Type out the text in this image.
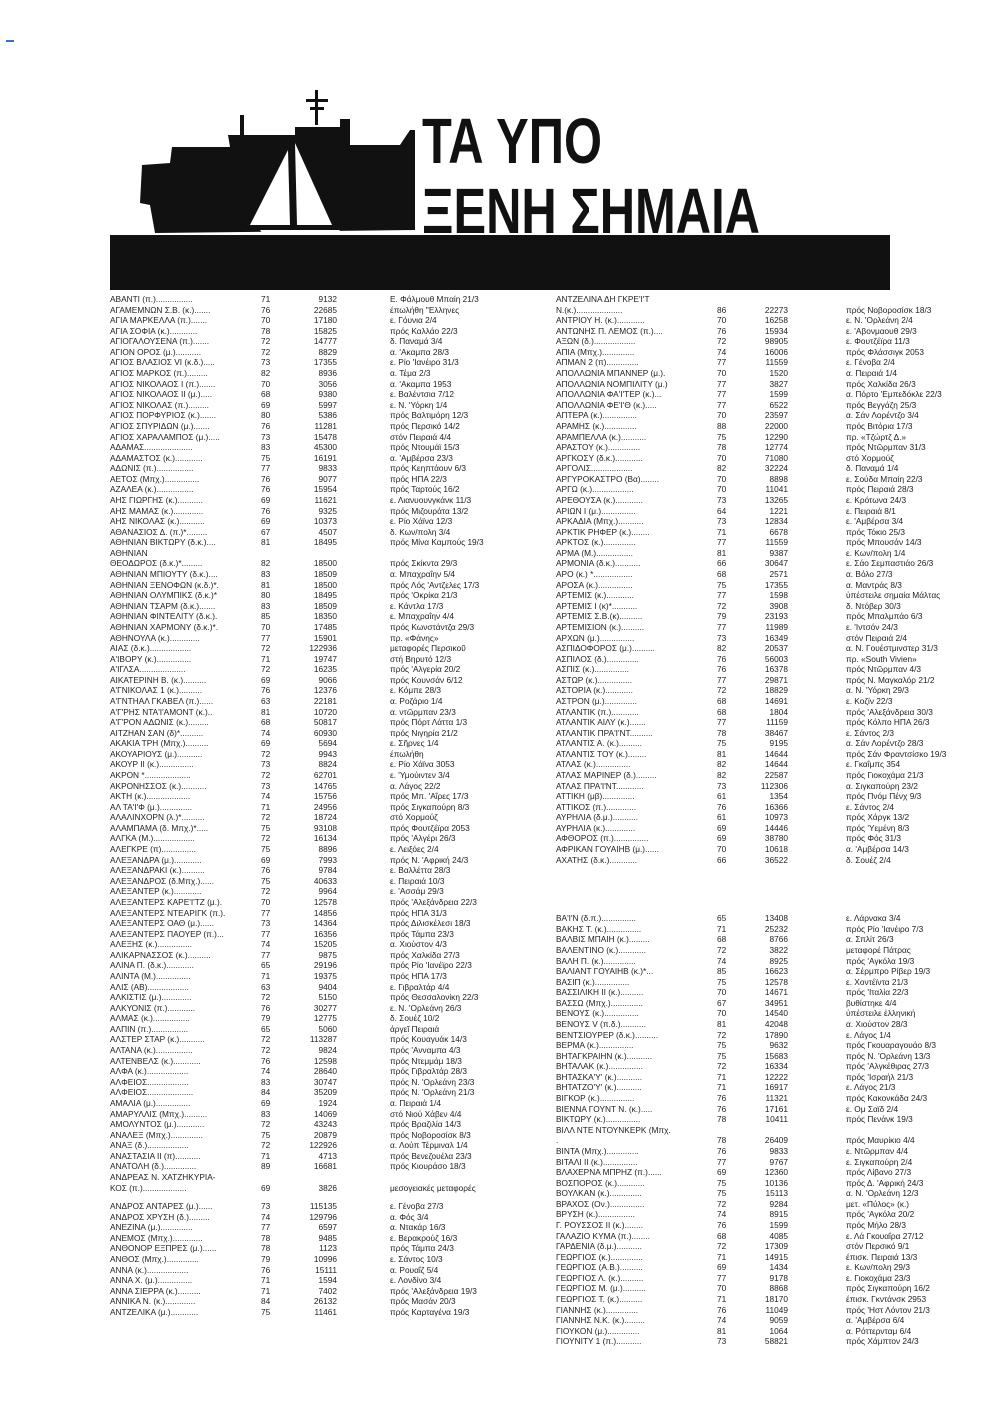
ΤΑ ΥΠΟ
ΞΕΝΗ ΣΗΜΑΙΑ
ΑΒΑΝΤΙ (π.)................	71	9132	Ε. Φάλμουθ Μπαίη 21/3
ΑΓΑΜΕΜΝΩΝ Σ.Β. (κ.).......	76	22685	έπωλήθη "Ελληνες
ΑΓΙΑ ΜΑΡΚΕΛΛΑ (π.).......	70	17180	ε. Γόυνια 2/4
ΑΓΙΑ ΣΟΦΙΑ (κ.)............	78	15825	πρός Καλλάο 22/3
ΑΓΙΟΓΑΛΟΥΣΕΝΑ (π.).......	72	14777	δ. Παναμά 3/4
ΑΓΙΟΝ ΟΡΟΣ (μ.)...........	72	8829	α. 'Ακαμπα 28/3
ΑΓΙΟΣ ΒΛΑΣΙΟΣ VI (κ.δ.).....	73	17355	ε. Ρίο 'Ιανέιρο 31/3
ΑΓΙΟΣ ΜΑΡΚΟΣ (π.).........	82	8936	α. Τέμα 2/3
ΑΓΙΟΣ ΝΙΚΟΛΑΟΣ Ι (π.).......	70	3056	α. 'Ακαμπα 1953
ΑΓΙΟΣ ΝΙΚΟΛΑΟΣ ΙΙ (μ.).....	68	9380	ε. Βαλέντσια 7/12
ΑΓΙΟΣ ΝΙΚΟΛΑΣ (π.).........	69	5997	ε. Ν. 'Υόρκη 1/4
ΑΓΙΟΣ ΠΟΡΦΥΡΙΟΣ (κ.).......	80	5386	πρός Βαλτιμόρη 12/3
ΑΓΙΟΣ ΣΠΥΡΙΔΩΝ (μ.).......	76	11281	πρός Περσικό 14/2
ΑΓΙΟΣ ΧΑΡΑΛΑΜΠΟΣ (μ.).....	73	15478	στόν Πειραιά 4/4
ΑΔΑΜΑΣ.....................	83	45300	πρός Ντουμάϊ 15/3
ΑΔΑΜΑΣΤΟΣ (κ.)............	75	16191	α. 'Αμβέρσα 23/3
ΑΔΩΝΙΣ (π.)................	77	9833	πρός Κεηπτάουν 6/3
ΑΕΤΟΣ (Μπχ.)...............	76	9077	πρός ΗΠΑ 22/3
ΑΖΑΛΕΑ (κ.)................	76	15954	πρός Ταρτούς 16/2
ΑΗΣ ΓΙΩΡΓΗΣ (κ.)...........	69	11621	ε. Λιανυουνγκάνκ 11/3
ΑΗΣ ΜΑΜΑΣ (κ.).............	76	9325	πρός Μιζουράτα 13/2
ΑΗΣ ΝΙΚΟΛΑΣ (κ.)...........	69	10373	ε. Ρίο Χάϊνα 12/3
ΑΘΑΝΑΣΙΟΣ Δ. (π.)*.........	67	4507	δ. Κων/πολη 3/4
ΑΘΗΝΙΑΝ ΒΙΚΤΩΡΥ (δ.κ.)....	81	18495	πρός Μίνα Καμπούς 19/3
ΑΘΗΝΙΑΝ
ΘΕΟΔΩΡΟΣ (δ.κ.)*.........	82	18500	πρός Σκίκντα 29/3
ΑΘΗΝΙΑΝ ΜΠΙΟΥΤΥ (δ.κ.)....	83	18509	α. Μπαχραΐην 5/4
ΑΘΗΝΙΑΝ ΞΕΝΟΦΩΝ (κ.δ.)*.	81	18500	πρός Λός 'Αντζελες 17/3
ΑΘΗΝΙΑΝ ΟΛΥΜΠΙΚΣ (δ.κ.)*	80	18495	πρός 'Οκρίκα 21/3
ΑΘΗΝΙΑΝ ΤΣΑΡΜ (δ.κ.).......	83	18509	ε. Κάντλα 17/3
ΑΘΗΝΙΑΝ ΦΙΝΤΕΛΙΤΥ (δ.κ.).	85	18350	ε. Μπαχραΐην 4/4
ΑΘΗΝΙΑΝ ΧΑΡΜΟΝΥ (δ.κ.)*.	70	17485	πρός Κωνστάντζα 29/3
ΑΘΗΝΟΥΛΑ (κ.).............	77	15901	πρ. «Φάνης»
ΑΙΑΣ (δ.κ.)..................	72	122936	μεταφορές Περσικοῦ
Α'ΙΒΟΡΥ (κ.)...............	71	19747	στή Βηρυτό 12/3
Α'ΙΓΛΣΑ....................	72	16235	πρός 'Αλγερία 20/2
ΑΙΚΑΤΕΡΙΝΗ Β. (κ.)..........	69	9066	πρός Κουνσάν 6/12
Α'ΓΝΙΚΟΛΑΣ 1 (κ.)..........	76	12376	ε. Κόμπε 28/3
Α'ΓΝΤΗΑΛ ΓΚΑΒΕΛ (π.)......	63	22181	α. Ροζάριο 1/4
Α'Γ'ΡΗΣ ΝΤΑ'Ι'ΑΜΟΝΤ (κ.)..	81	10720	α. ντῶρμπαν 23/3
Α'Γ'ΡΟΝ ΑΔΩΝΙΣ (κ.).........	68	50817	πρός Πόρτ Λάττα 1/3
ΑΙΤΖΗΑΝ ΣΑΝ (δ)*..........	74	60930	πρός Νιγηρία 21/2
ΑΚΑΚΙΑ ΤΡΗ (Μπχ.)..........	69	5694	ε. Σῆρνες 1/4
ΑΚΟΥΑΡΙΟΥΣ (μ.)...........	72	9943	έπωλήθη
ΑΚΟΥΡ ΙΙ (κ.)...............	73	8824	ε. Ρίο Χάϊνα 3053
ΑΚΡΟΝ *....................	72	62701	ε. 'Υμούιντεν 3/4
ΑΚΡΟΝΗΣΣΟΣ (κ.)...........	73	14765	α. Λάγος 22/2
ΑΚΤΗ (κ.)...................	74	15756	πρός Μπ. 'Αΐρες 17/3
ΑΛ ΤΑ'Ι'Φ (μ.)..............	71	24956	πρός Σιγκαπούρη 8/3
ΑΛΑΛΙΝΧΟΡΝ (λ.)*..........	72	18724	στό Χορμούζ
ΑΛΑΜΠΑΜΑ (δ. Μπχ.)*.....	75	93108	πρός Φουτζέϊρα 2053
ΑΛΓΚΑ (Μ.)..................	72	16134	πρός 'Αλγέρι 26/3
ΑΛΕΓΚΡΕ (π)...............	75	8896	ε. Λειξόες 2/4
ΑΛΕΞΑΝΔΡΑ (μ.)............	69	7993	πρός Ν. 'Αφρική 24/3
ΑΛΕΞΑΝΔΡΑΚΙ (κ.)..........	76	9784	ε. Βαλλέττα 28/3
ΑΛΕΞΑΝΔΡΟΣ (δ.Μπχ.)......	75	40633	ε. Πειραιά 10/3
ΑΛΕΞΑΝΤΕΡ (κ.)............	72	9964	ε. 'Ασσάμ 29/3
ΑΛΕΞΑΝΤΕΡΣ ΚΑΡΕ'Ι'ΤΖ (μ.).	70	12578	πρός 'Αλεξάνδρεια 22/3
ΑΛΕΞΑΝΤΕΡΣ ΝΤΕΑΡΙΓΚ (π.).	77	14856	πρός ΗΠΑ 31/3
ΑΛΕΞΑΝΤΕΡΣ ΟΑΘ (μ.)......	73	14364	πρός Διλισκέλεσι 18/3
ΑΛΕΞΑΝΤΕΡΣ ΠΑΟΥΕΡ (π.)...	77	16356	πρός Τάμπα 23/3
ΑΛΕΞΗΣ (κ.)...............	74	15205	α. Χιούστον 4/3
ΑΛΙΚΑΡΝΑΣΣΟΣ (κ.)..........	77	9875	πρός Χαλκίδα 27/3
ΑΛΙΝΑ Π. (δ.κ.)............	65	29196	πρός Ρίο 'Ιανέϊρο 22/3
ΑΛΙΝΤΑ (Μ.)...............	71	19375	πρός ΗΠΑ 17/3
ΑΛΙΣ (ΑΒ)..................	63	9404	ε. Γιβραλτάρ 4/4
ΑΛΚΙΣΤΙΣ (μ.).............	72	5150	πρός Θεσσαλονίκη 22/3
ΑΛΚΥΟΝΙΣ (π.)............	76	30277	ε. Ν. 'Ορλεάνη 26/3
ΑΛΜΑΣ (κ.)................	79	12775	δ. Σουέζ 10/2
ΑΛΠΙΝ (π.)................	65	5060	άργεῖ Πειραιά
ΑΛΣΤΕΡ ΣΤΑΡ (κ.)...........	72	113287	πρός Κουαγυάκ 14/3
ΑΛΤΑΝΑ (κ.)................	72	9824	πρός 'Ανναμπα 4/3
ΑΛΤΕΝΒΕΛΣ (κ.)............	76	12598	πρός Ντεμμάμ 18/3
ΑΛΦΑ (κ.)..................	74	28640	πρός Γιβραλτάρ 28/3
ΑΛΦΕΙΟΣ..................	83	30747	πρός Ν. 'Ορλεάνη 23/3
ΑΛΦΕΙΟΣ....................	84	35209	πρός Ν. 'Ορλεάνη 21/3
ΑΜΑΛΙΑ (μ.)...............	69	1924	α. Πειραιά 1/4
ΑΜΑΡΥΛΛΙΣ (Μπχ.)..........	83	14069	στό Νιού Χάβεν 4/4
ΑΜΟΛΥΝΤΟΣ (μ.)............	72	43243	πρός Βραζιλία 14/3
ΑΝΑΛΕΞ (Μπχ.)..............	75	20879	πρός Νοβοροσίσκ 8/3
ΑΝΑΞ (δ.)..................	72	122926	α. Λούπ Τέρμιναλ 1/4
ΑΝΑΣΤΑΣΙΑ ΙΙ (π)...........	71	4713	πρός Βενεζουέλα 23/3
ΑΝΑΤΟΛΗ (δ.)..............	89	16681	πρός Κιουράσο 18/3
ΑΝΔΡΕΑΣ Ν. ΧΑΤΖΗΚΥΡΙΑ-
ΚΟΣ (π.)...................	69	3826	μεσογειακές μεταφορές
ΑΝΔΡΟΣ ΑΝΤΑΡΕΣ (μ.)......	73	115135	ε. Γένοβα 27/3
ΑΝΔΡΟΣ ΧΡΥΣΗ (δ.).........	74	129796	α. Φός 3/4
ΑΝΕΖΙΝΑ (μ.)..............	77	6597	α. Ντακάρ 16/3
ΑΝΕΜΟΣ (Μπχ.).............	78	9485	ε. Βερακρούζ 16/3
ΑΝΘΟΝΟΡ ΕΞΠΡΕΣ (μ.)......	78	1123	πρός Τάμπα 24/3
ΑΝΘΟΣ (Μπχ.)..............	79	10996	ε. Σάντος 10/3
ΑΝΝΑ (κ.)..................	76	15111	α. Ρουαΐζ 5/4
ΑΝΝΑ Χ. (μ.)...............	71	1594	ε. Λονδίνο 3/4
ΑΝΝΑ ΣΙΕΡΡΑ (κ.)..........	71	7402	πρός 'Αλεξάνδρεια 19/3
ΑΝΝΙΚΑ Ν. (κ.).............	84	26132	πρός Μασάν 20/3
ΑΝΤΖΕΛΙΚΑ (μ.)............	75	11461	πρός Καρταγένα 19/3
ΑΝΤΖΕΛΙΝΑ ΔΗ ΓΚΡΕ'Ι'Τ
Ν.(κ.)....................	86	22273	πρός Νοβοροσίσκ 18/3
ΑΝΤΡΙΟΥ Η. (κ.)............	70	16258	ε. Ν. 'Ορλεάνη 2/4
ΑΝΤΩΝΗΣ Π. ΛΕΜΟΣ (π.)....	76	15934	ε. 'Αβονμαουθ 29/3
ΑΞΩΝ (δ.)..................	72	98905	ε. Φουτζέϊρα 11/3
ΑΠΙΑ (Μπχ.)..............	74	16006	πρός Φλάσσιγκ 2053
ΑΠΜΑΝ 2 (π)..............	77	11559	ε. Γένοβα 2/4
ΑΠΟΛΛΩΝΙΑ ΜΠΑΝΝΕΡ (μ.).	70	1520	α. Πειραιά 1/4
ΑΠΟΛΛΩΝΙΑ ΝΟΜΠΙΛΙΤΥ (μ.)	77	3827	πρός Χαλκίδα 26/3
ΑΠΟΛΛΩΝΙΑ ΦΑ'Ι'ΤΕΡ (κ.)...	77	1599	α. Πόρτο 'Εμπεδόκλε 22/3
ΑΠΟΛΛΩΝΙΑ ΦΕ'Ι'Θ (κ.).....	77	6522	πρός Βεγγάζη 25/3
ΑΠΤΕΡΑ (κ.)...............	70	23597	α. Σάν Λορέντζο 3/4
ΑΡΑΜΗΣ (κ.)..............	88	22000	πρός Βιτόρια 17/3
ΑΡΑΜΠΕΛΛΑ (κ.)...........	75	12290	πρ. «Τζώρτζ Δ.»
ΑΡΑΣΤΟΥ (κ.)..............	78	12774	πρός Ντῶρμπαν 31/3
ΑΡΓΚΟΣΥ (δ.κ.)............	70	71080	στό Χορμούζ
ΑΡΓΟΛΙΣ..................	82	32224	δ. Παναμά 1/4
ΑΡΓΥΡΟΚΑΣΤΡΟ (Βα)........	70	8898	ε. Σούδα Μπαίη 22/3
ΑΡΓΩ (κ.)..................	70	11041	πρός Πειραιά 28/3
ΑΡΕΘΟΥΣΑ (κ.)............	73	13265	ε. Κρότωνα 24/3
ΑΡΙΩΝ Ι (μ.)...............	64	1221	ε. Πειραιά 8/1
ΑΡΚΑΔΙΑ (Μπχ.)...........	73	12834	ε. 'Αμβέρσα 3/4
ΑΡΚΤΙΚ ΡΗΦΕΡ (κ.)........	71	6678	πρός Τόκιο 25/3
ΑΡΚΤΟΣ (κ.)..............	77	11559	πρός Μπουσάν 14/3
ΑΡΜΑ (Μ.)................	81	9387	ε. Κων/πολη 1/4
ΑΡΜΟΝΙΑ (δ.κ.)...........	66	30647	ε. Σάο Σεμπαστιάο 26/3
ΑΡΟ (κ.) *.................	68	2571	α. Βόλο 27/3
ΑΡΟΣΑ (κ.)...............	75	17355	α. Μαντράς 8/3
ΑΡΤΕΜΙΣ (κ.)............	77	1598	ὑπέστειλε σημαία Μάλτας
ΑΡΤΕΜΙΣ Ι (κ)*...........	72	3908	δ. Ντόβερ 30/3
ΑΡΤΕΜΙΣ Σ.Β.(κ)..........	79	23193	πρός Μπαλμπάο 6/3
ΑΡΤΕΜΙΣΙΟΝ (κ.)..........	77	11989	ε. 'Ιντσόν 24/3
ΑΡΧΩΝ (μ.)...............	73	16349	στόν Πειραιά 2/4
ΑΣΠΙΔΟΦΟΡΟΣ (μ.)..........	82	20537	α. Ν. Γουέστμινστερ 31/3
ΑΣΠΙΛΟΣ (δ.)..............	76	56003	πρ. «South Vivien»
ΑΣΠΙΣ (κ.)...............	76	16378	πρός Ντῶρμπαν 4/3
ΑΣΤΩΡ (κ.)...............	77	29871	πρός Ν. Μαγκαλόρ 21/2
ΑΣΤΟΡΙΑ (κ.)............	72	18829	α. Ν. 'Υόρκη 29/3
ΑΣΤΡΟΝ (μ.)..............	68	14691	ε. Κοζίν 22/3
ΑΤΛΑΝΤΙΚ (π.)............	68	1804	πρός 'Αλεξάνδρεια 30/3
ΑΤΛΑΝΤΙΚ ΑΙΛΥ (κ.).......	77	11159	πρός Κόλπο ΗΠΑ 26/3
ΑΤΛΑΝΤΙΚ ΠΡΑ'Ι'ΝΤ..........	78	38467	ε. Σάντος 2/3
ΑΤΛΑΝΤΙΣ Α. (κ.)..........	75	9195	α. Σάν Λορέντζο 28/3
ΑΤΛΑΝΤΙΣ ΤΟΥ (κ.)........	81	14644	πρός Σάν Φραντσίσκο 19/3
ΑΤΛΑΣ (κ.)...............	82	14644	ε. Γκαΐμπς 354
ΑΤΛΑΣ ΜΑΡΙΝΕΡ (δ.).........	82	22587	πρός Γιοκοχάμα 21/3
ΑΤΛΑΣ ΠΡΑ'Ι'ΝΤ............	73	112306	α. Σιγκαπούρη 23/2
ΑΤΤΙΚΗ (μβ)..............	61	1354	πρός Πνόμ Πένχ 9/3
ΑΤΤΙΚΟΣ (π.).............	76	16366	ε. Σάντος 2/4
ΑΥΡΗΛΙΑ (δ.μ.)...........	61	10973	πρός Χάργκ 13/2
ΑΥΡΗΛΙΑ (κ.).............	69	14446	πρός 'Υεμένη 8/3
ΑΦΘΟΡΟΣ (π.)...............	69	38780	πρός Φός 31/3
ΑΦΡΙΚΑΝ ΓΟΥΑΙΗΒ (μ.)......	70	10618	α. 'Αμβέρσα 14/3
ΑΧΑΤΗΣ (δ.κ.)............	66	36522	δ. Σουέζ 2/4
ΒΑ'Ι'Ν (δ.π.)...............	65	13408	ε. Λάρνακα 3/4
ΒΑΚΗΣ Τ. (κ.)...............	71	25232	πρός Ρίο 'Ιανέιρο 7/3
ΒΑΛΒΙΣ ΜΠΑΙΗ (κ.).........	68	8766	α. Σπλίτ 26/3
ΒΑΛΕΝΤΙΝΟ (κ.)............	72	3822	μεταφορέ Πάτρας
ΒΑΛΗ Π. (κ.)..............	74	8925	πρός 'Αγκόλα 19/3
ΒΑΛΙΑΝΤ ΓΟΥΑΙΗΒ (κ.)*...	85	16623	α. Σέρμπρο Ρίβερ 19/3
ΒΑΣΙΠ (κ.)...............	75	12578	ε. Χοντέϊντα 21/3
ΒΑΣΣΙΛΙΚΗ ΙΙ (κ.)..........	70	14671	πρός 'Ιταλία 22/3
ΒΑΣΣΩ (Μπχ.)..............	67	34951	βυθίστηκε 4/4
ΒΕΝΟΥΣ (κ.)...............	70	14540	ὑπέστειλε ἑλληνική
ΒΕΝΟΥΣ V (π.δ.)...........	81	42048	α. Χιούστον 28/3
ΒΕΝΤΣΙΟΥΡΕΡ (δ.κ.)..........	72	17890	ε. Λάγος 1/4
ΒΕΡΜΑ (κ.)...............	75	9632	πρός Γκουαραγουάο 8/3
ΒΗΤΑΓΚΡΑΙΗΝ (κ.)...........	75	15683	πρός Ν. 'Ορλεάνη 13/3
ΒΗΤΑΛΑΚ (κ.)...............	72	16334	πρός 'Αλγκέθιρας 27/3
ΒΗΤΑΣΚΑ'Υ' (κ.)...........	71	12222	πρός 'Ισραήλ 21/3
ΒΗΤΑΤΖΟ'Υ' (κ.)...........	71	16917	ε. Λάγος 21/3
ΒΙΓΚΟΡ (κ.)...............	76	11321	πρός Κακονκάδα 24/3
ΒΙΕΝΝΑ ΓΟΥΝΤ Ν. (κ.).....	76	17161	ε. Ομ Σαϊδ 2/4
ΒΙΚΤΩΡΥ (κ.)...............	78	10411	πρός Πενάνκ 19/3
ΒΙΛΛ ΝΤΕ ΝΤΟΥΝΚΕΡΚ (Μπχ.
.	78	26409	πρός Μαυρίκιο 4/4
ΒΙΝΤΑ (Μπχ.)..............	76	9833	ε. Ντῶρμπαν 4/4
ΒΙΤΑΛΙ ΙΙ (κ.)...............	77	9767	ε. Σιγκαπούρη 2/4
ΒΛΑΧΕΡΝΑ ΜΠΡΗΖ (π.)......	69	12360	πρός Λίβανο 27/3
ΒΟΣΠΟΡΟΣ (κ.)............	75	10136	πρός Δ. 'Αφρική 24/3
ΒΟΥΛΚΑΝ (κ.)..............	75	15113	α. Ν. 'Ορλεάνη 12/3
ΒΡΑΧΟΣ (Ον.)...............	72	9284	μετ. «Πύλος» (κ.)
ΒΡΥΣΗ (κ.)................	74	8915	πρός 'Αγκόλα 20/2
Γ. ΡΟΥΣΣΟΣ ΙΙ (κ.)........	76	1599	πρός Μήλο 28/3
ΓΑΛΑΖΙΟ ΚΥΜΑ (π.)........	68	4085	ε. Λά Γκουαΐρα 27/12
ΓΑΡΔΕΝΙΑ (δ.μ.)...........	72	17309	στόν Περσικό 9/1
ΓΕΩΡΓΙΟΣ (κ.)..............	71	14915	έπισκ. Πειραιά 13/3
ΓΕΩΡΓΙΟΣ (Α.Β.)..........	69	1434	ε. Κων/πολη 29/3
ΓΕΩΡΓΙΟΣ Λ. (κ.)..........	77	9178	ε. Γιοκοχάμα 23/3
ΓΕΩΡΓΙΟΣ Μ. (μ.)..........	70	8868	πρός Σιγκαπούρη 16/2
ΓΕΩΡΓΙΟΣ Τ. (κ.)..........	71	18170	έπισκ. Γκντάνσκ 2953
ΓΙΑΝΝΗΣ (κ.)..............	76	11049	πρός 'Ηστ Λόντον 21/3
ΓΙΑΝΝΗΣ Ν.Κ. (κ.).........	74	9059	α. 'Αμβέρσα 6/4
ΓΙΟΥΚΟΝ (μ.)..............	81	1064	α. Ρόττερνταμ 6/4
ΓΙΟΥΝΙΤΥ 1 (π.)...........	73	58821	πρός Χάμπτον 24/3
